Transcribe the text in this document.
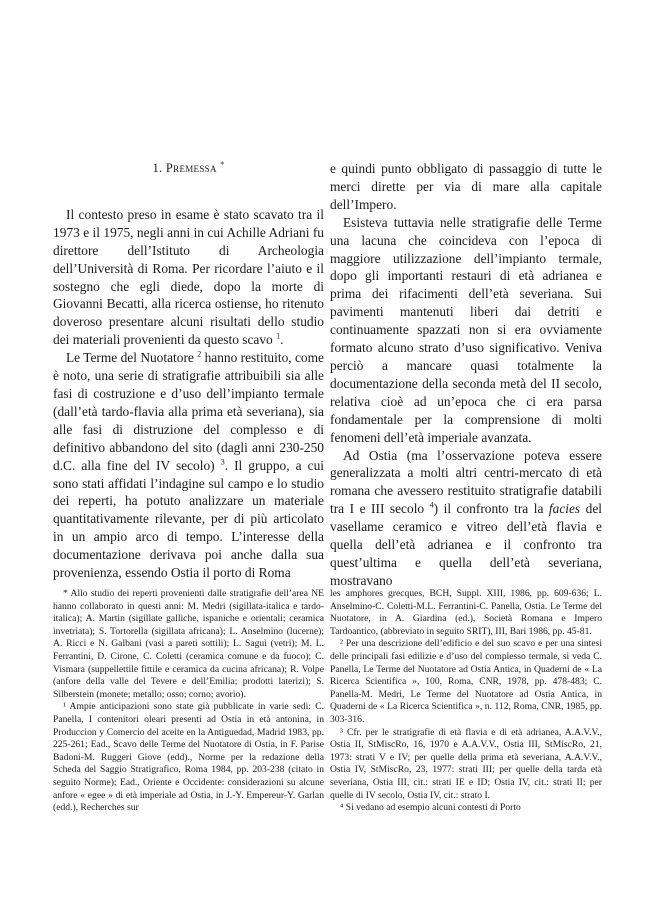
1. Premessa *

Il contesto preso in esame è stato scavato tra il 1973 e il 1975, negli anni in cui Achille Adriani fu direttore dell’Istituto di Archeologia dell’Università di Roma. Per ricordare l’aiuto e il sostegno che egli diede, dopo la morte di Giovanni Becatti, alla ricerca ostiense, ho ritenuto doveroso presentare alcuni risultati dello studio dei materiali provenienti da questo scavo $^1$.

Le Terme del Nuotatore $^2$ hanno restituito, come è noto, una serie di stratigrafie attribuibili sia alle fasi di costruzione e d’uso dell’impianto termale (dall’età tardo-flavia alla prima età severiana), sia alle fasi di distruzione del complesso e di definitivo abbandono del sito (dagli anni 230-250 d.C. alla fine del IV secolo) $^3$. Il gruppo, a cui sono stati affidati l’indagine sul campo e lo studio dei reperti, ha potuto analizzare un materiale quantitativamente rilevante, per di più articolato in un ampio arco di tempo. L’interesse della documentazione derivava poi anche dalla sua provenienza, essendo Ostia il porto di Roma

e quindi punto obbligato di passaggio di tutte le merci dirette per via di mare alla capitale dell’Impero.

Esisteva tuttavia nelle stratigrafie delle Terme una lacuna che coincideva con l’epoca di maggiore utilizzazione dell’impianto termale, dopo gli importanti restauri di età adrianea e prima dei rifacimenti dell’età severiana. Sui pavimenti mantenuti liberi dai detriti e continuamente spazzati non si era ovviamente formato alcuno strato d’uso significativo. Veniva perciò a mancare quasi totalmente la documentazione della seconda metà del II secolo, relativa cioè ad un’epoca che ci era parsa fondamentale per la comprensione di molti fenomeni dell’età imperiale avanzata.

Ad Ostia (ma l’osservazione poteva essere generalizzata a molti altri centri-mercato di età romana che avessero restituito stratigrafie databili tra I e III secolo $^4$) il confronto tra la facies del vasellame ceramico e vitreo dell’età flavia e quella dell’età adrianea e il confronto tra quest’ultima e quella dell’età severiana, mostravano

* Allo studio dei reperti provenienti dalle stratigrafie dell’area NE hanno collaborato in questi anni: M. Medri (sigillata-italica e tardo-italica); A. Martin (sigillate galliche, ispaniche e orientali; ceramica invetriata); S. Tortorella (sigillata africana); L. Anselmino (lucerne); A. Ricci e N. Galbani (vasi a pareti sottili); L. Saguì (vetri); M. L. Ferrantini, D. Cirone, C. Coletti (ceramica comune e da fuoco); C. Vismara (suppellettile fittile e ceramica da cucina africana); R. Volpe (anfore della valle del Tevere e dell’Emilia; prodotti laterizi); S. Silberstein (monete; metallo; osso; corno; avorio).

¹ Ampie anticipazioni sono state già pubblicate in varie sedi: C. Panella, I contenitori oleari presenti ad Ostia in età antonina, in Produccion y Comercio del aceite en la Antiguedad, Madrid 1983, pp. 225-261; Ead., Scavo delle Terme del Nuotatore di Ostia, in F. Parise Badoni-M. Ruggeri Giove (edd)., Norme per la redazione della Scheda del Saggio Stratigrafico, Roma 1984, pp. 203-238 (citato in seguito Norme); Ead., Oriente e Occidente: considerazioni su alcune anfore « egee » di età imperiale ad Ostia, in J.-Y. Empereur-Y. Garlan (edd.), Recherches sur

les amphores grecques, BCH, Suppl. XIII, 1986, pp. 609-636; L. Anselmino-C. Coletti-M.L. Ferrantini-C. Panella, Ostia. Le Terme del Nuotatore, in A. Giardina (ed.), Società Romana e Impero Tardoantico, (abbreviato in seguito SRIT), III, Bari 1986, pp. 45-81.

² Per una descrizione dell’edificio e del suo scavo e per una sintesi delle principali fasi edilizie e d’uso del complesso termale, si veda C. Panella, Le Terme del Nuotatore ad Ostia Antica, in Quaderni de « La Ricerca Scientifica », 100, Roma, CNR, 1978, pp. 478-483; C. Panella-M. Medri, Le Terme del Nuotatore ad Ostia Antica, in Quaderni de « La Ricerca Scientifica », n. 112, Roma, CNR, 1985, pp. 303-316.

³ Cfr. per le stratigrafie di età flavia e di età adrianea, A.A.V.V., Ostia II, StMiscRo, 16, 1970 e A.A.V.V., Ostia III, StMiscRo, 21, 1973: strati V e IV; per quelle della prima età severiana, A.A.V.V., Ostia IV, StMiscRo, 23, 1977: strati III; per quelle della tarda età severiana, Ostia III, cit.: strati IE e ID; Ostia IV, cit.: strati II; per quelle di IV secolo, Ostia IV, cit.: strato I.

⁴ Si vedano ad esempio alcuni contesti di Porto
